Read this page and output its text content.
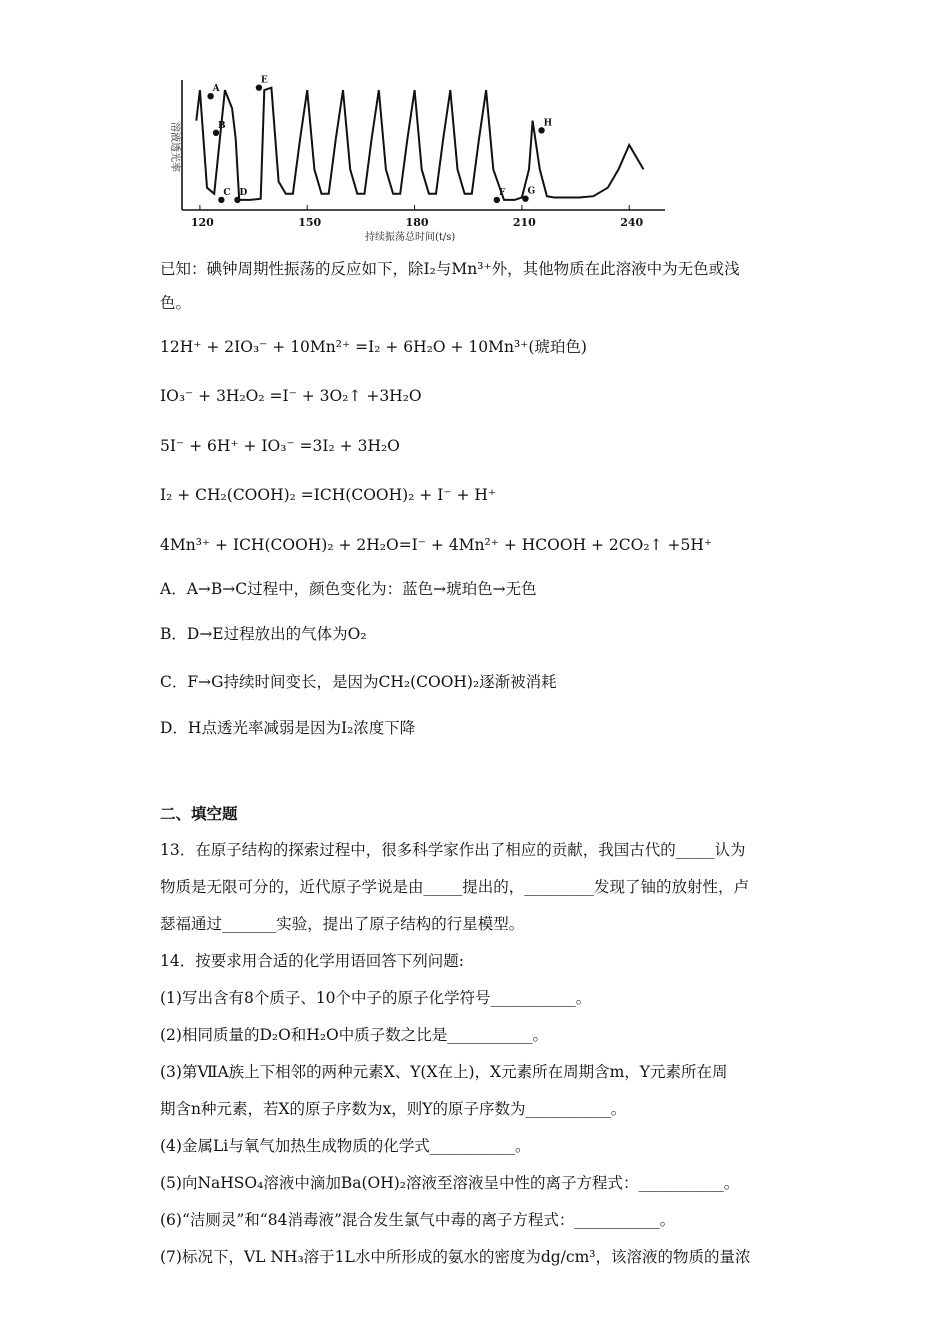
120	150	180	210	240
A
B
C D
E
F G
H
溶液透光率
持续振荡总时间(t/s)
已知：碘钟周期性振荡的反应如下，除I₂与Mn³⁺外，其他物质在此溶液中为无色或浅
色。
12H⁺ + 2IO₃⁻ + 10Mn²⁺ =I₂ + 6H₂O + 10Mn³⁺(琥珀色)
IO₃⁻ + 3H₂O₂ =I⁻ + 3O₂↑ +3H₂O
5I⁻ + 6H⁺ + IO₃⁻ =3I₂ + 3H₂O
I₂ + CH₂(COOH)₂ =ICH(COOH)₂ + I⁻ + H⁺
4Mn³⁺ + ICH(COOH)₂ + 2H₂O=I⁻ + 4Mn²⁺ + HCOOH + 2CO₂↑ +5H⁺
A．A→B→C过程中，颜色变化为：蓝色→琥珀色→无色
B．D→E过程放出的气体为O₂
C．F→G持续时间变长，是因为CH₂(COOH)₂逐渐被消耗
D．H点透光率减弱是因为I₂浓度下降
二、填空题
13．在原子结构的探索过程中，很多科学家作出了相应的贡献，我国古代的_____认为
物质是无限可分的，近代原子学说是由_____提出的，_________发现了铀的放射性，卢
瑟福通过_______实验，提出了原子结构的行星模型。
14．按要求用合适的化学用语回答下列问题:
(1)写出含有8个质子、10个中子的原子化学符号___________。
(2)相同质量的D₂O和H₂O中质子数之比是___________。
(3)第ⅦA族上下相邻的两种元素X、Y(X在上)，X元素所在周期含m，Y元素所在周
期含n种元素，若X的原子序数为x，则Y的原子序数为___________。
(4)金属Li与氧气加热生成物质的化学式___________。
(5)向NaHSO₄溶液中滴加Ba(OH)₂溶液至溶液呈中性的离子方程式：___________。
(6)“洁厕灵”和“84消毒液”混合发生氯气中毒的离子方程式：___________。
(7)标况下，VL NH₃溶于1L水中所形成的氨水的密度为dg/cm³，该溶液的物质的量浓
